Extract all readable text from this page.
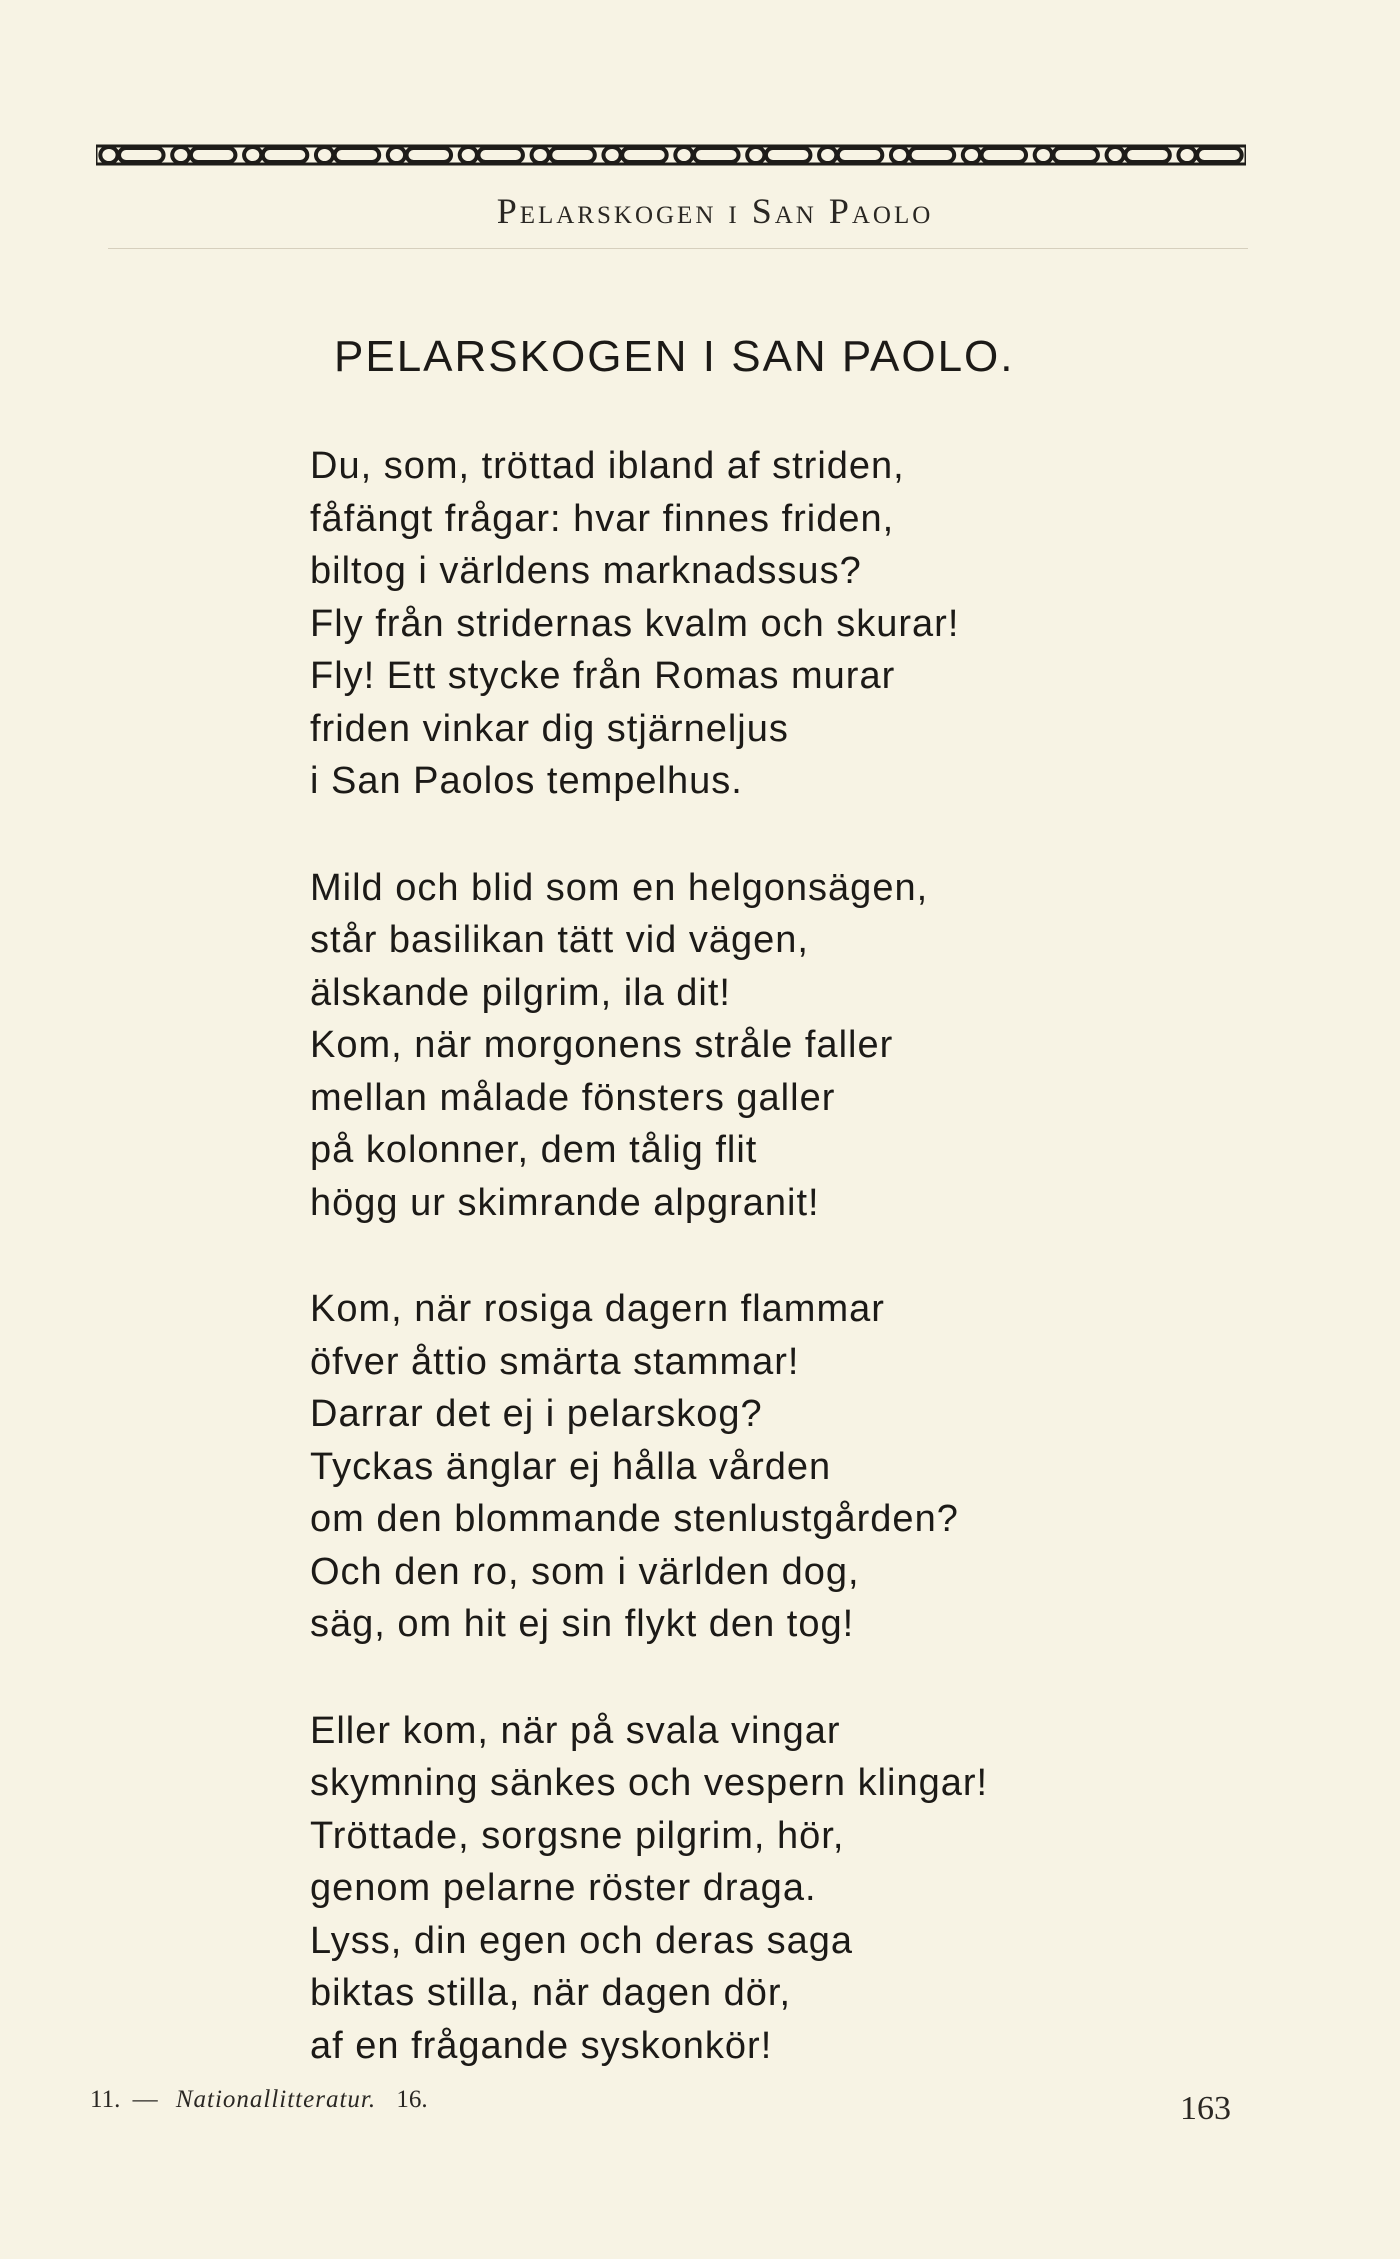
Pelarskogen i San Paolo
PELARSKOGEN I SAN PAOLO.
Du, som, tröttad ibland af striden,
fåfängt frågar: hvar finnes friden,
biltog i världens marknadssus?
Fly från stridernas kvalm och skurar!
Fly! Ett stycke från Romas murar
friden vinkar dig stjärneljus
i San Paolos tempelhus.
Mild och blid som en helgonsägen,
står basilikan tätt vid vägen,
älskande pilgrim, ila dit!
Kom, när morgonens stråle faller
mellan målade fönsters galler
på kolonner, dem tålig flit
högg ur skimrande alpgranit!
Kom, när rosiga dagern flammar
öfver åttio smärta stammar!
Darrar det ej i pelarskog?
Tyckas änglar ej hålla vården
om den blommande stenlustgården?
Och den ro, som i världen dog,
säg, om hit ej sin flykt den tog!
Eller kom, när på svala vingar
skymning sänkes och vespern klingar!
Tröttade, sorgsne pilgrim, hör,
genom pelarne röster draga.
Lyss, din egen och deras saga
biktas stilla, när dagen dör,
af en frågande syskonkör!
11. — Nationallitteratur. 16.	163
